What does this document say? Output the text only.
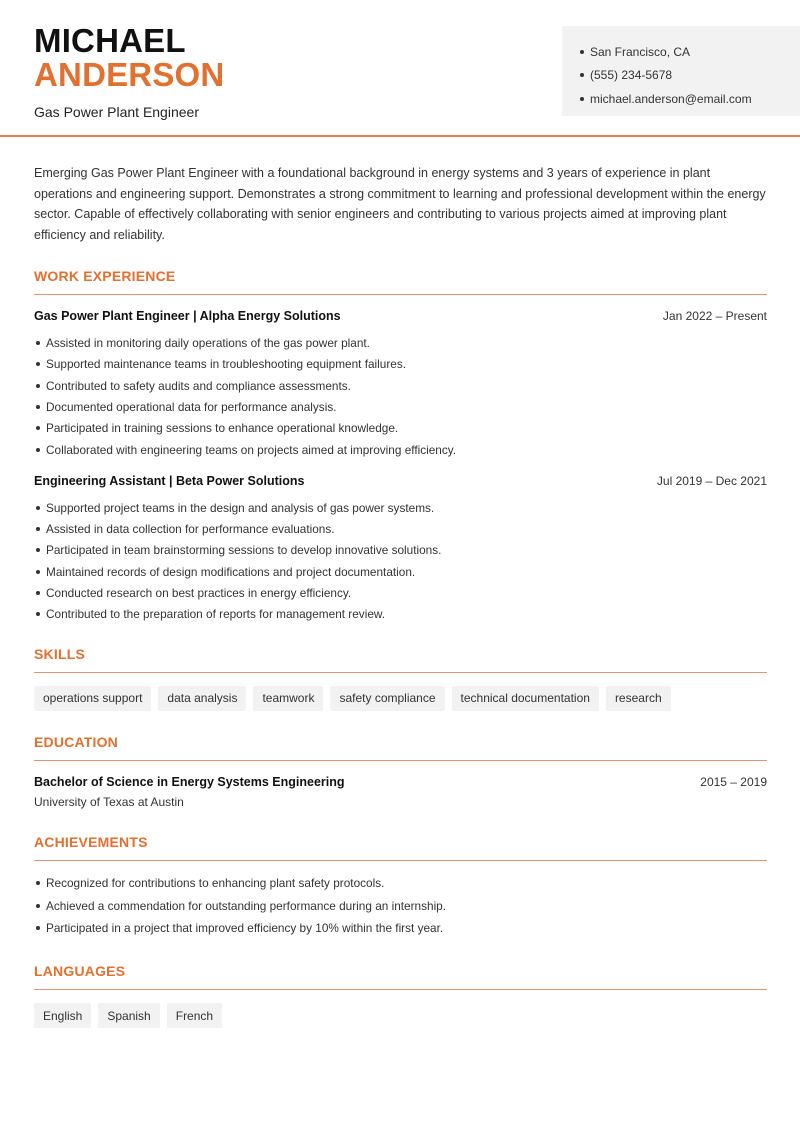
MICHAEL
ANDERSON
Gas Power Plant Engineer
San Francisco, CA
(555) 234-5678
michael.anderson@email.com

Emerging Gas Power Plant Engineer with a foundational background in energy systems and 3 years of experience in plant operations and engineering support. Demonstrates a strong commitment to learning and professional development within the energy sector. Capable of effectively collaborating with senior engineers and contributing to various projects aimed at improving plant efficiency and reliability.

WORK EXPERIENCE
Gas Power Plant Engineer | Alpha Energy Solutions	Jan 2022 – Present
Assisted in monitoring daily operations of the gas power plant.
Supported maintenance teams in troubleshooting equipment failures.
Contributed to safety audits and compliance assessments.
Documented operational data for performance analysis.
Participated in training sessions to enhance operational knowledge.
Collaborated with engineering teams on projects aimed at improving efficiency.
Engineering Assistant | Beta Power Solutions	Jul 2019 – Dec 2021
Supported project teams in the design and analysis of gas power systems.
Assisted in data collection for performance evaluations.
Participated in team brainstorming sessions to develop innovative solutions.
Maintained records of design modifications and project documentation.
Conducted research on best practices in energy efficiency.
Contributed to the preparation of reports for management review.
SKILLS
operations support	data analysis	teamwork	safety compliance	technical documentation	research
EDUCATION
Bachelor of Science in Energy Systems Engineering	2015 – 2019
University of Texas at Austin
ACHIEVEMENTS
Recognized for contributions to enhancing plant safety protocols.
Achieved a commendation for outstanding performance during an internship.
Participated in a project that improved efficiency by 10% within the first year.
LANGUAGES
English	Spanish	French
